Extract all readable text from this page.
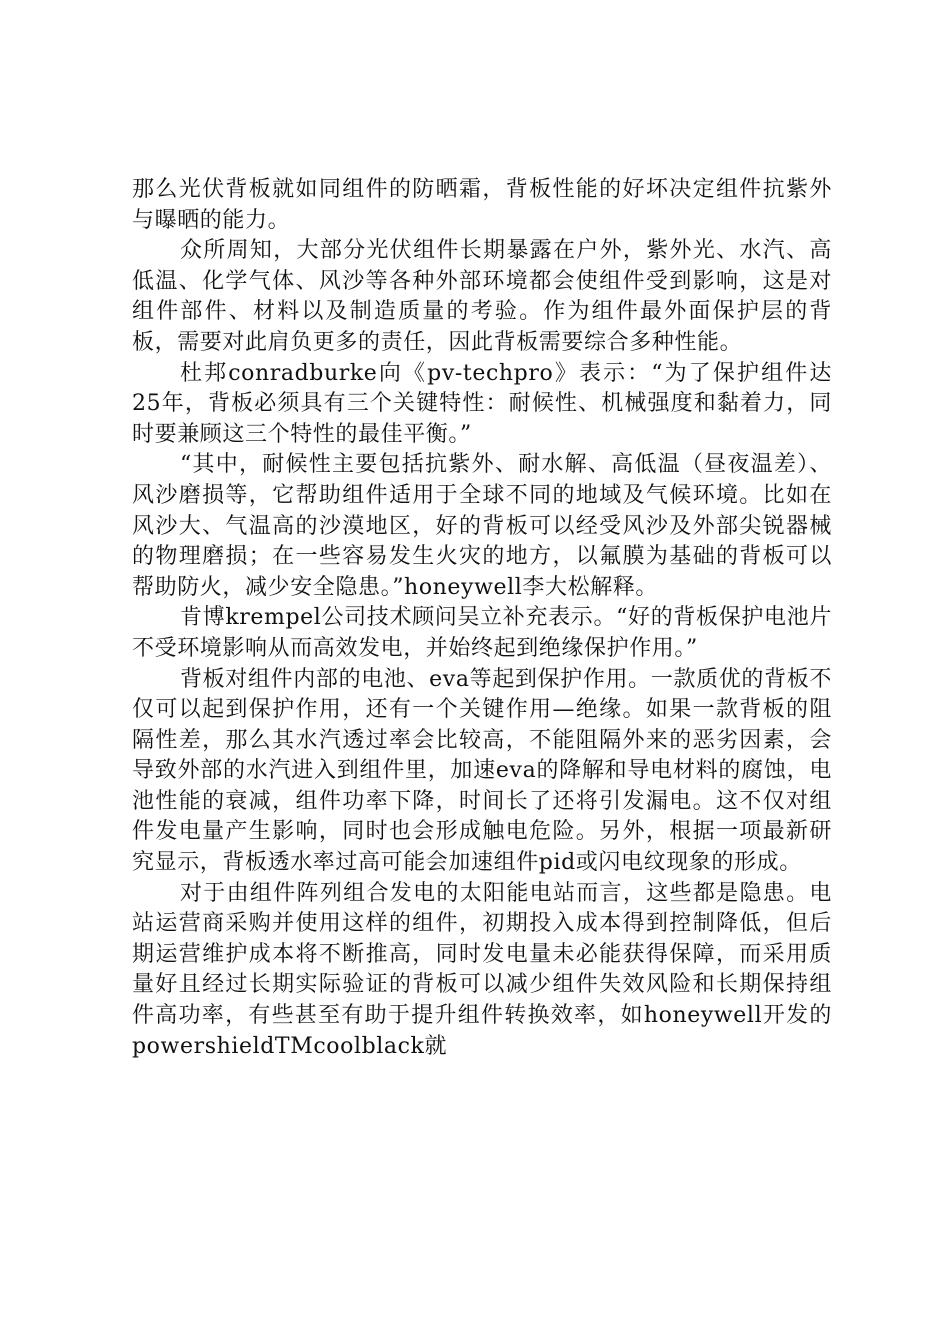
那么光伏背板就如同组件的防晒霜，背板性能的好坏决定组件抗紫外与曝晒的能力。

众所周知，大部分光伏组件长期暴露在户外，紫外光、水汽、高低温、化学气体、风沙等各种外部环境都会使组件受到影响，这是对组件部件、材料以及制造质量的考验。作为组件最外面保护层的背板，需要对此肩负更多的责任，因此背板需要综合多种性能。

杜邦conradburke向《pv-techpro》表示：“为了保护组件达25年，背板必须具有三个关键特性：耐候性、机械强度和黏着力，同时要兼顾这三个特性的最佳平衡。”

“其中，耐候性主要包括抗紫外、耐水解、高低温（昼夜温差）、风沙磨损等，它帮助组件适用于全球不同的地域及气候环境。比如在风沙大、气温高的沙漠地区，好的背板可以经受风沙及外部尖锐器械的物理磨损；在一些容易发生火灾的地方，以氟膜为基础的背板可以帮助防火，减少安全隐患。”honeywell李大松解释。

肯博krempel公司技术顾问吴立补充表示。“好的背板保护电池片不受环境影响从而高效发电，并始终起到绝缘保护作用。”

背板对组件内部的电池、eva等起到保护作用。一款质优的背板不仅可以起到保护作用，还有一个关键作用—绝缘。如果一款背板的阻隔性差，那么其水汽透过率会比较高，不能阻隔外来的恶劣因素，会导致外部的水汽进入到组件里，加速eva的降解和导电材料的腐蚀，电池性能的衰减，组件功率下降，时间长了还将引发漏电。这不仅对组件发电量产生影响，同时也会形成触电危险。另外，根据一项最新研究显示，背板透水率过高可能会加速组件pid或闪电纹现象的形成。

对于由组件阵列组合发电的太阳能电站而言，这些都是隐患。电站运营商采购并使用这样的组件，初期投入成本得到控制降低，但后期运营维护成本将不断推高，同时发电量未必能获得保障，而采用质量好且经过长期实际验证的背板可以减少组件失效风险和长期保持组件高功率，有些甚至有助于提升组件转换效率，如honeywell开发的powershieldTMcoolblack就
